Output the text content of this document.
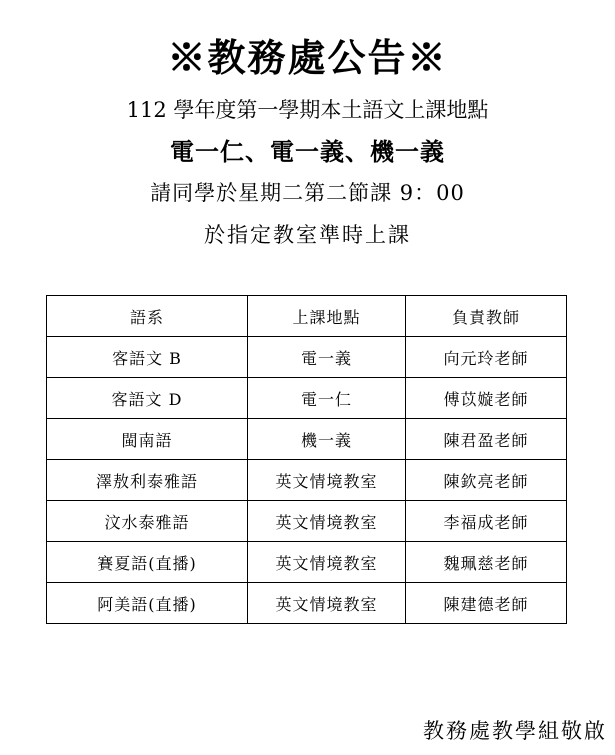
※教務處公告※
112 學年度第一學期本土語文上課地點
電一仁、電一義、機一義
請同學於星期二第二節課 9：00
於指定教室準時上課
語系	上課地點	負責教師
客語文 B	電一義	向元玲老師
客語文 D	電一仁	傅苡嫙老師
閩南語	機一義	陳君盈老師
澤敖利泰雅語	英文情境教室	陳欽亮老師
汶水泰雅語	英文情境教室	李福成老師
賽夏語(直播)	英文情境教室	魏珮慈老師
阿美語(直播)	英文情境教室	陳建德老師
教務處教學組敬啟
